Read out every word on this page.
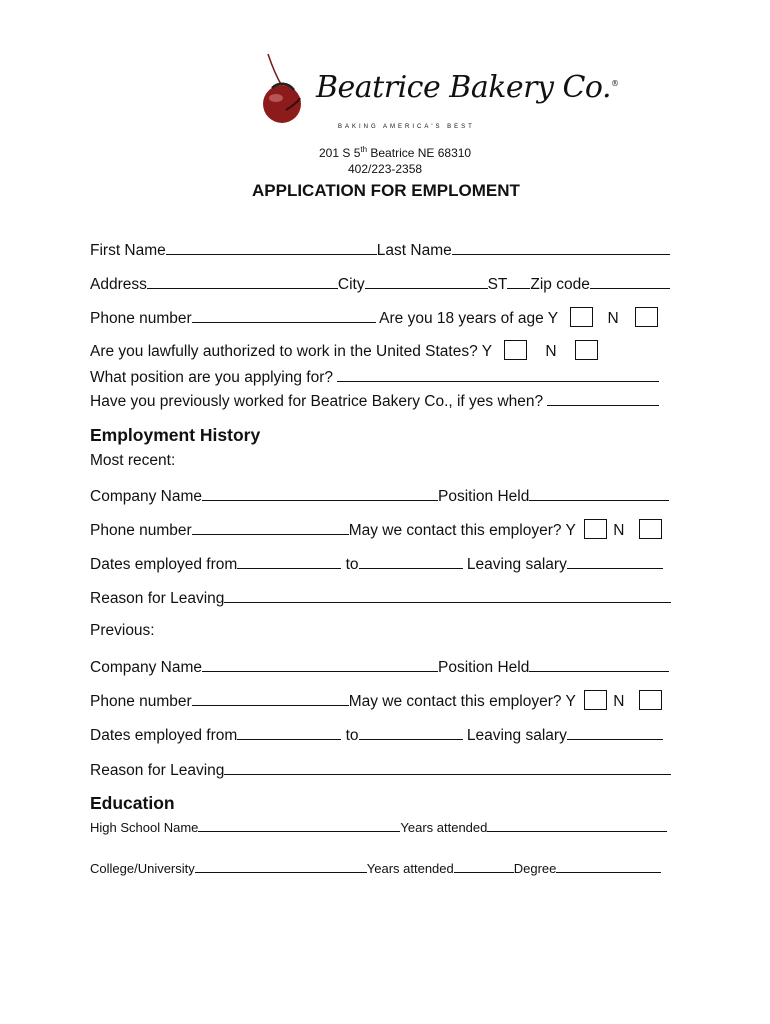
Beatrice Bakery Co.®
BAKING AMERICA'S BEST
201 S 5th Beatrice NE 68310
402/223-2358
APPLICATION FOR EMPLOMENT
First Name	Last Name
Address	City	ST Zip code
Phone number	Are you 18 years of age Y	N
Are you lawfully authorized to work in the United States? Y	N
What position are you applying for?
Have you previously worked for Beatrice Bakery Co., if yes when?
Employment History
Most recent:
Company Name	Position Held
Phone number	May we contact this employer? Y N
Dates employed from	to	Leaving salary
Reason for Leaving
Previous:
Company Name	Position Held
Phone number	May we contact this employer? Y N
Dates employed from	to	Leaving salary
Reason for Leaving
Education
High School Name	Years attended
College/University	Years attended	Degree
